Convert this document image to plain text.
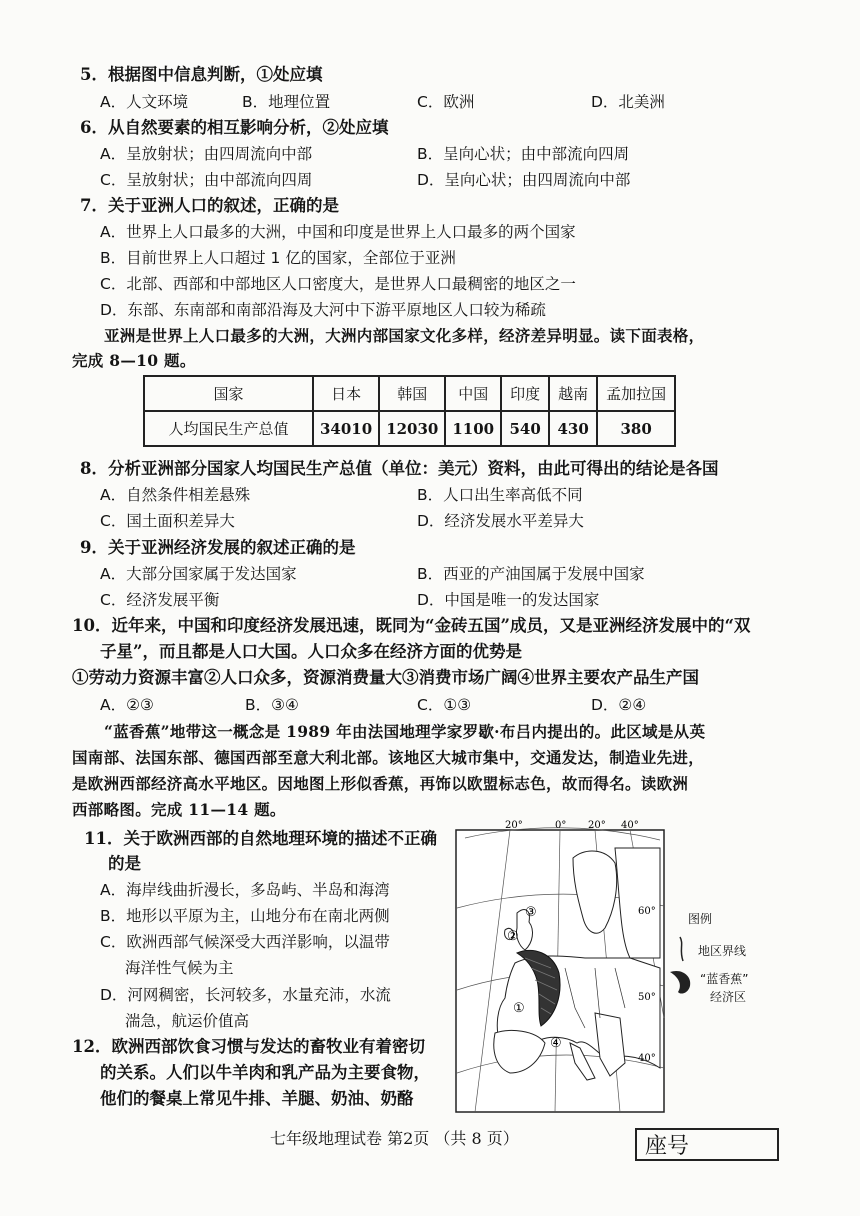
5．根据图中信息判断，①处应填
A．人文环境	B．地理位置	C．欧洲	D．北美洲
6．从自然要素的相互影响分析，②处应填
A．呈放射状；由四周流向中部	B．呈向心状；由中部流向四周
C．呈放射状；由中部流向四周	D．呈向心状；由四周流向中部
7．关于亚洲人口的叙述，正确的是
A．世界上人口最多的大洲，中国和印度是世界上人口最多的两个国家
B．目前世界上人口超过 1 亿的国家，全部位于亚洲
C．北部、西部和中部地区人口密度大，是世界人口最稠密的地区之一
D．东部、东南部和南部沿海及大河中下游平原地区人口较为稀疏
亚洲是世界上人口最多的大洲，大洲内部国家文化多样，经济差异明显。读下面表格，
完成 8—10 题。
国家	日本	韩国	中国	印度	越南	孟加拉国
人均国民生产总值	34010	12030	1100	540	430	380
8．分析亚洲部分国家人均国民生产总值（单位：美元）资料，由此可得出的结论是各国
A．自然条件相差悬殊	B．人口出生率高低不同
C．国土面积差异大	D．经济发展水平差异大
9．关于亚洲经济发展的叙述正确的是
A．大部分国家属于发达国家	B．西亚的产油国属于发展中国家
C．经济发展平衡	D．中国是唯一的发达国家
10．近年来，中国和印度经济发展迅速，既同为“金砖五国”成员，又是亚洲经济发展中的“双
子星”，而且都是人口大国。人口众多在经济方面的优势是
①劳动力资源丰富②人口众多，资源消费量大③消费市场广阔④世界主要农产品生产国
A．②③	B．③④	C．①③	D．②④
“蓝香蕉”地带这一概念是 1989 年由法国地理学家罗歇·布吕内提出的。此区域是从英
国南部、法国东部、德国西部至意大利北部。该地区大城市集中，交通发达，制造业先进，
是欧洲西部经济高水平地区。因地图上形似香蕉，再饰以欧盟标志色，故而得名。读欧洲
西部略图。完成 11—14 题。
11．关于欧洲西部的自然地理环境的描述不正确
的是
A．海岸线曲折漫长，多岛屿、半岛和海湾
B．地形以平原为主，山地分布在南北两侧
C．欧洲西部气候深受大西洋影响，以温带
海洋性气候为主
D．河网稠密，长河较多，水量充沛，水流
湍急，航运价值高
12．欧洲西部饮食习惯与发达的畜牧业有着密切
的关系。人们以牛羊肉和乳产品为主要食物，
他们的餐桌上常见牛排、羊腿、奶油、奶酪
①
②
③
④
20°	0° 20° 40°
60°
50°
40°
图例
地区界线
“蓝香蕉”
经济区
七年级地理试卷 第2页 （共 8 页）	座号
